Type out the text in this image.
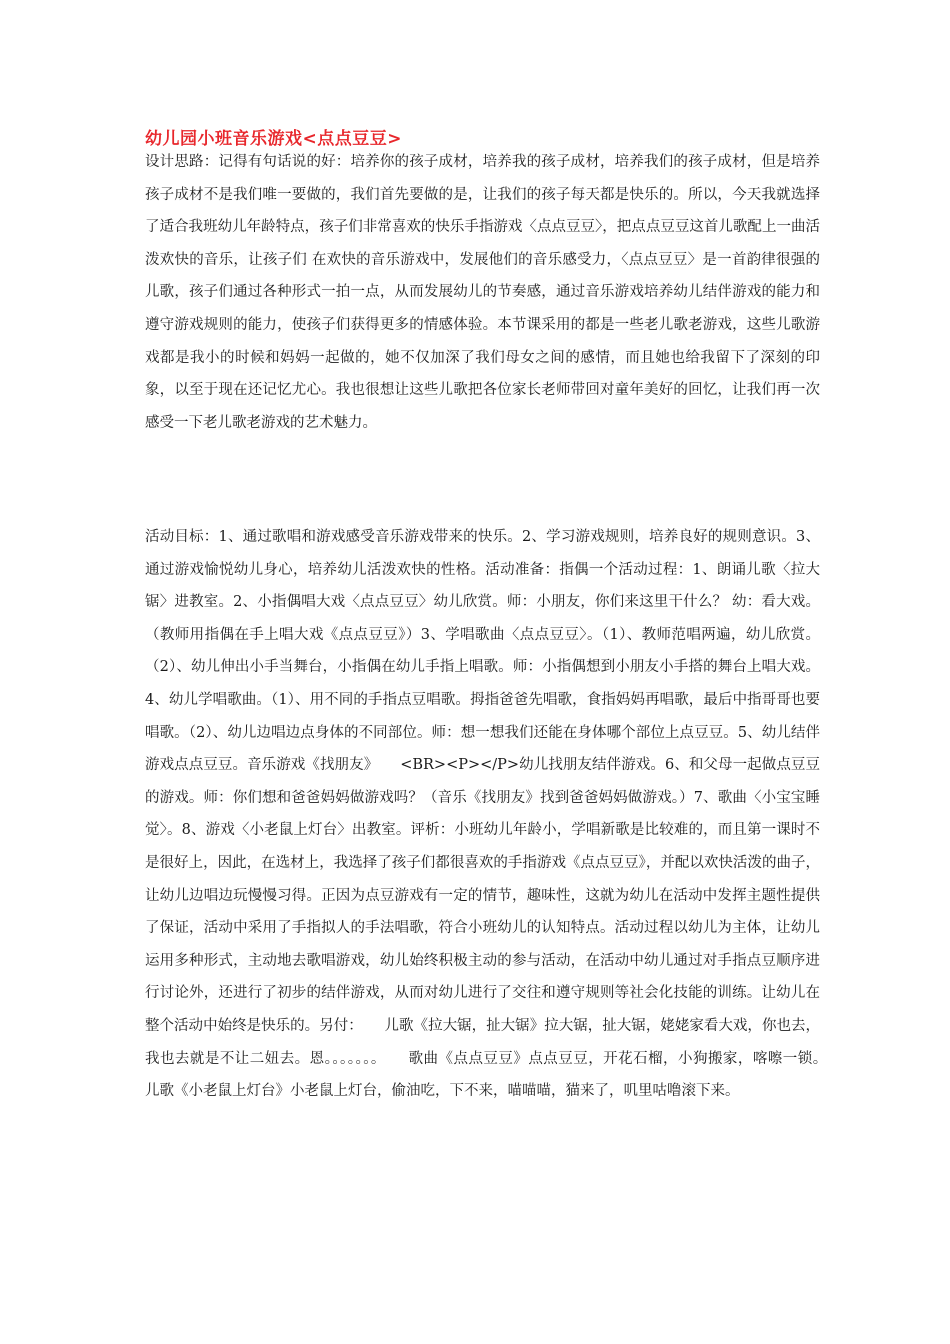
幼儿园小班音乐游戏<点点豆豆>

设计思路：记得有句话说的好：培养你的孩子成材，培养我的孩子成材，培养我们的孩子成材，但是培养孩子成材不是我们唯一要做的，我们首先要做的是，让我们的孩子每天都是快乐的。所以，今天我就选择了适合我班幼儿年龄特点，孩子们非常喜欢的快乐手指游戏〈点点豆豆〉，把点点豆豆这首儿歌配上一曲活泼欢快的音乐，让孩子们 在欢快的音乐游戏中，发展他们的音乐感受力，〈点点豆豆〉是一首韵律很强的儿歌，孩子们通过各种形式一拍一点，从而发展幼儿的节奏感，通过音乐游戏培养幼儿结伴游戏的能力和遵守游戏规则的能力，使孩子们获得更多的情感体验。本节课采用的都是一些老儿歌老游戏，这些儿歌游戏都是我小的时候和妈妈一起做的，她不仅加深了我们母女之间的感情，而且她也给我留下了深刻的印象，以至于现在还记忆尤心。我也很想让这些儿歌把各位家长老师带回对童年美好的回忆，让我们再一次感受一下老儿歌老游戏的艺术魅力。

活动目标：1、通过歌唱和游戏感受音乐游戏带来的快乐。2、学习游戏规则，培养良好的规则意识。3、通过游戏愉悦幼儿身心，培养幼儿活泼欢快的性格。活动准备：指偶一个活动过程：1、朗诵儿歌〈拉大锯〉进教室。2、小指偶唱大戏〈点点豆豆〉幼儿欣赏。师：小朋友，你们来这里干什么？ 幼：看大戏。（教师用指偶在手上唱大戏《点点豆豆》）3、学唱歌曲〈点点豆豆〉。（1）、教师范唱两遍，幼儿欣赏。（2）、幼儿伸出小手当舞台，小指偶在幼儿手指上唱歌。师：小指偶想到小朋友小手搭的舞台上唱大戏。4、幼儿学唱歌曲。（1）、用不同的手指点豆唱歌。拇指爸爸先唱歌，食指妈妈再唱歌，最后中指哥哥也要唱歌。（2）、幼儿边唱边点身体的不同部位。师：想一想我们还能在身体哪个部位上点豆豆。5、幼儿结伴游戏点点豆豆。音乐游戏《找朋友》　　<BR><P></P>幼儿找朋友结伴游戏。6、和父母一起做点豆豆的游戏。师：你们想和爸爸妈妈做游戏吗？（音乐《找朋友》找到爸爸妈妈做游戏。）7、歌曲〈小宝宝睡觉〉。8、游戏〈小老鼠上灯台〉出教室。评析：小班幼儿年龄小，学唱新歌是比较难的，而且第一课时不是很好上，因此，在选材上，我选择了孩子们都很喜欢的手指游戏《点点豆豆》，并配以欢快活泼的曲子，让幼儿边唱边玩慢慢习得。正因为点豆游戏有一定的情节，趣味性，这就为幼儿在活动中发挥主题性提供了保证，活动中采用了手指拟人的手法唱歌，符合小班幼儿的认知特点。活动过程以幼儿为主体，让幼儿运用多种形式，主动地去歌唱游戏，幼儿始终积极主动的参与活动，在活动中幼儿通过对手指点豆顺序进行讨论外，还进行了初步的结伴游戏，从而对幼儿进行了交往和遵守规则等社会化技能的训练。让幼儿在整个活动中始终是快乐的。另付：　　儿歌《拉大锯，扯大锯》拉大锯，扯大锯，姥姥家看大戏，你也去，我也去就是不让二妞去。恩。。。。。。。　　歌曲《点点豆豆》点点豆豆，开花石榴，小狗搬家，喀嚓一锁。　　儿歌《小老鼠上灯台》小老鼠上灯台，偷油吃，下不来，喵喵喵，猫来了，叽里咕噜滚下来。
